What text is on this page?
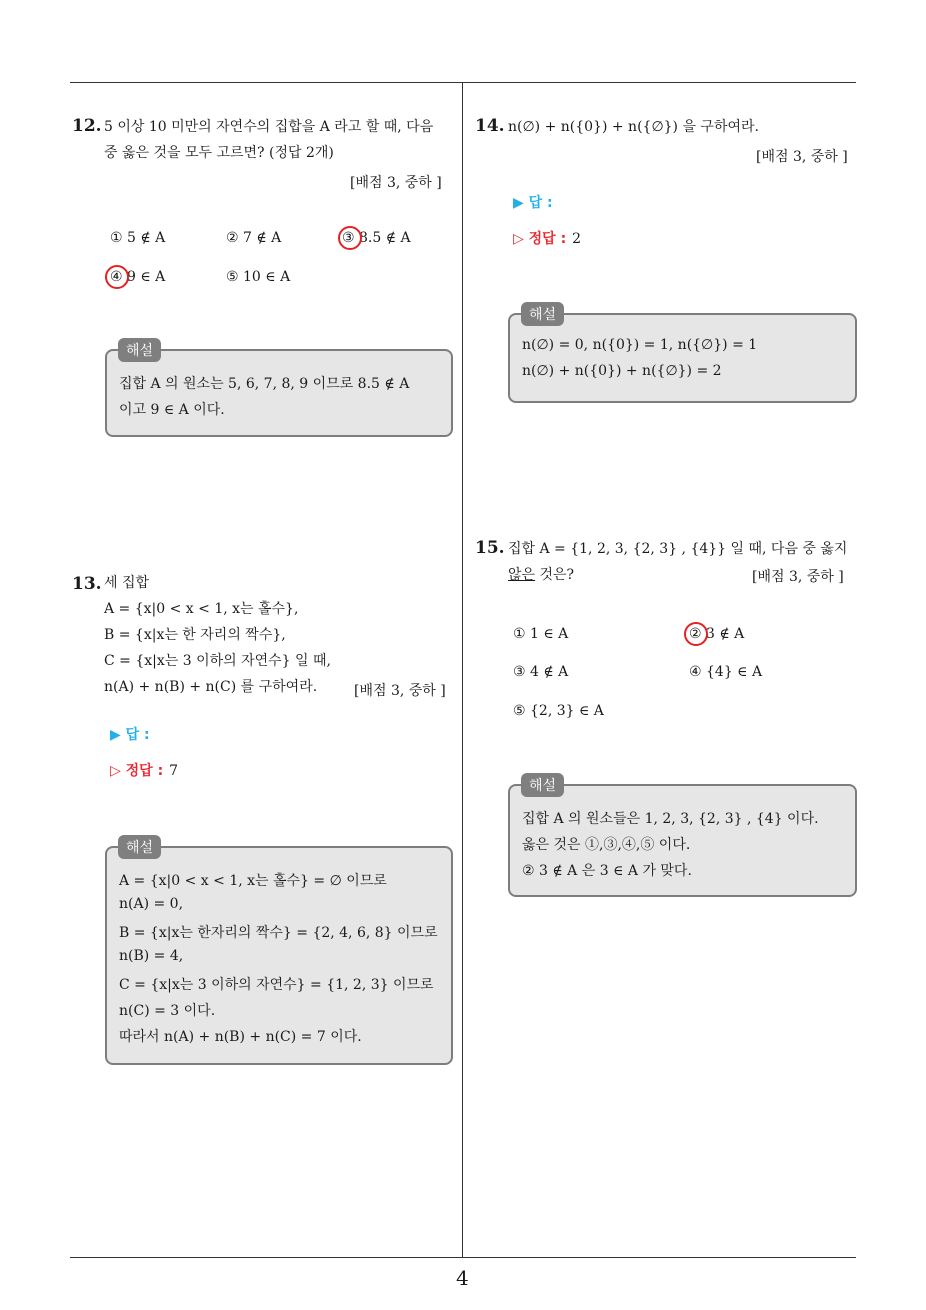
12. 5 이상 10 미만의 자연수의 집합을 A 라고 할 때, 다음
중 옳은 것을 모두 고르면? (정답 2개)
[배점 3, 중하 ]
① 5 ∉ A	② 7 ∉ A	③ 8.5 ∉ A
④ 9 ∈ A	⑤ 10 ∈ A
집합 A 의 원소는 5, 6, 7, 8, 9 이므로 8.5 ∉ A
이고 9 ∈ A 이다.
해설
13. 세 집합
A = {x|0 < x < 1, x는 홀수},
B = {x|x는 한 자리의 짝수},
C = {x|x는 3 이하의 자연수} 일 때,
n(A) + n(B) + n(C) 를 구하여라.	[배점 3, 중하 ]
▶ 답 :
▷ 정답 : 7
A = {x|0 < x < 1, x는 홀수} = ∅ 이므로
n(A) = 0,
B = {x|x는 한자리의 짝수} = {2, 4, 6, 8} 이므로
n(B) = 4,
C = {x|x는 3 이하의 자연수} = {1, 2, 3} 이므로
n(C) = 3 이다.
따라서 n(A) + n(B) + n(C) = 7 이다.
해설
14. n(∅) + n({0}) + n({∅}) 을 구하여라.
[배점 3, 중하 ]
▶ 답 :
▷ 정답 : 2
n(∅) = 0, n({0}) = 1, n({∅}) = 1
n(∅) + n({0}) + n({∅}) = 2
해설
15. 집합 A = {1, 2, 3, {2, 3} , {4}} 일 때, 다음 중 옳지
않은 것은?	[배점 3, 중하 ]
① 1 ∈ A	② 3 ∉ A
③ 4 ∉ A	④ {4} ∈ A
⑤ {2, 3} ∈ A
집합 A 의 원소들은 1, 2, 3, {2, 3} , {4} 이다.
옳은 것은 ①,③,④,⑤ 이다.
② 3 ∉ A 은 3 ∈ A 가 맞다.
해설
4
